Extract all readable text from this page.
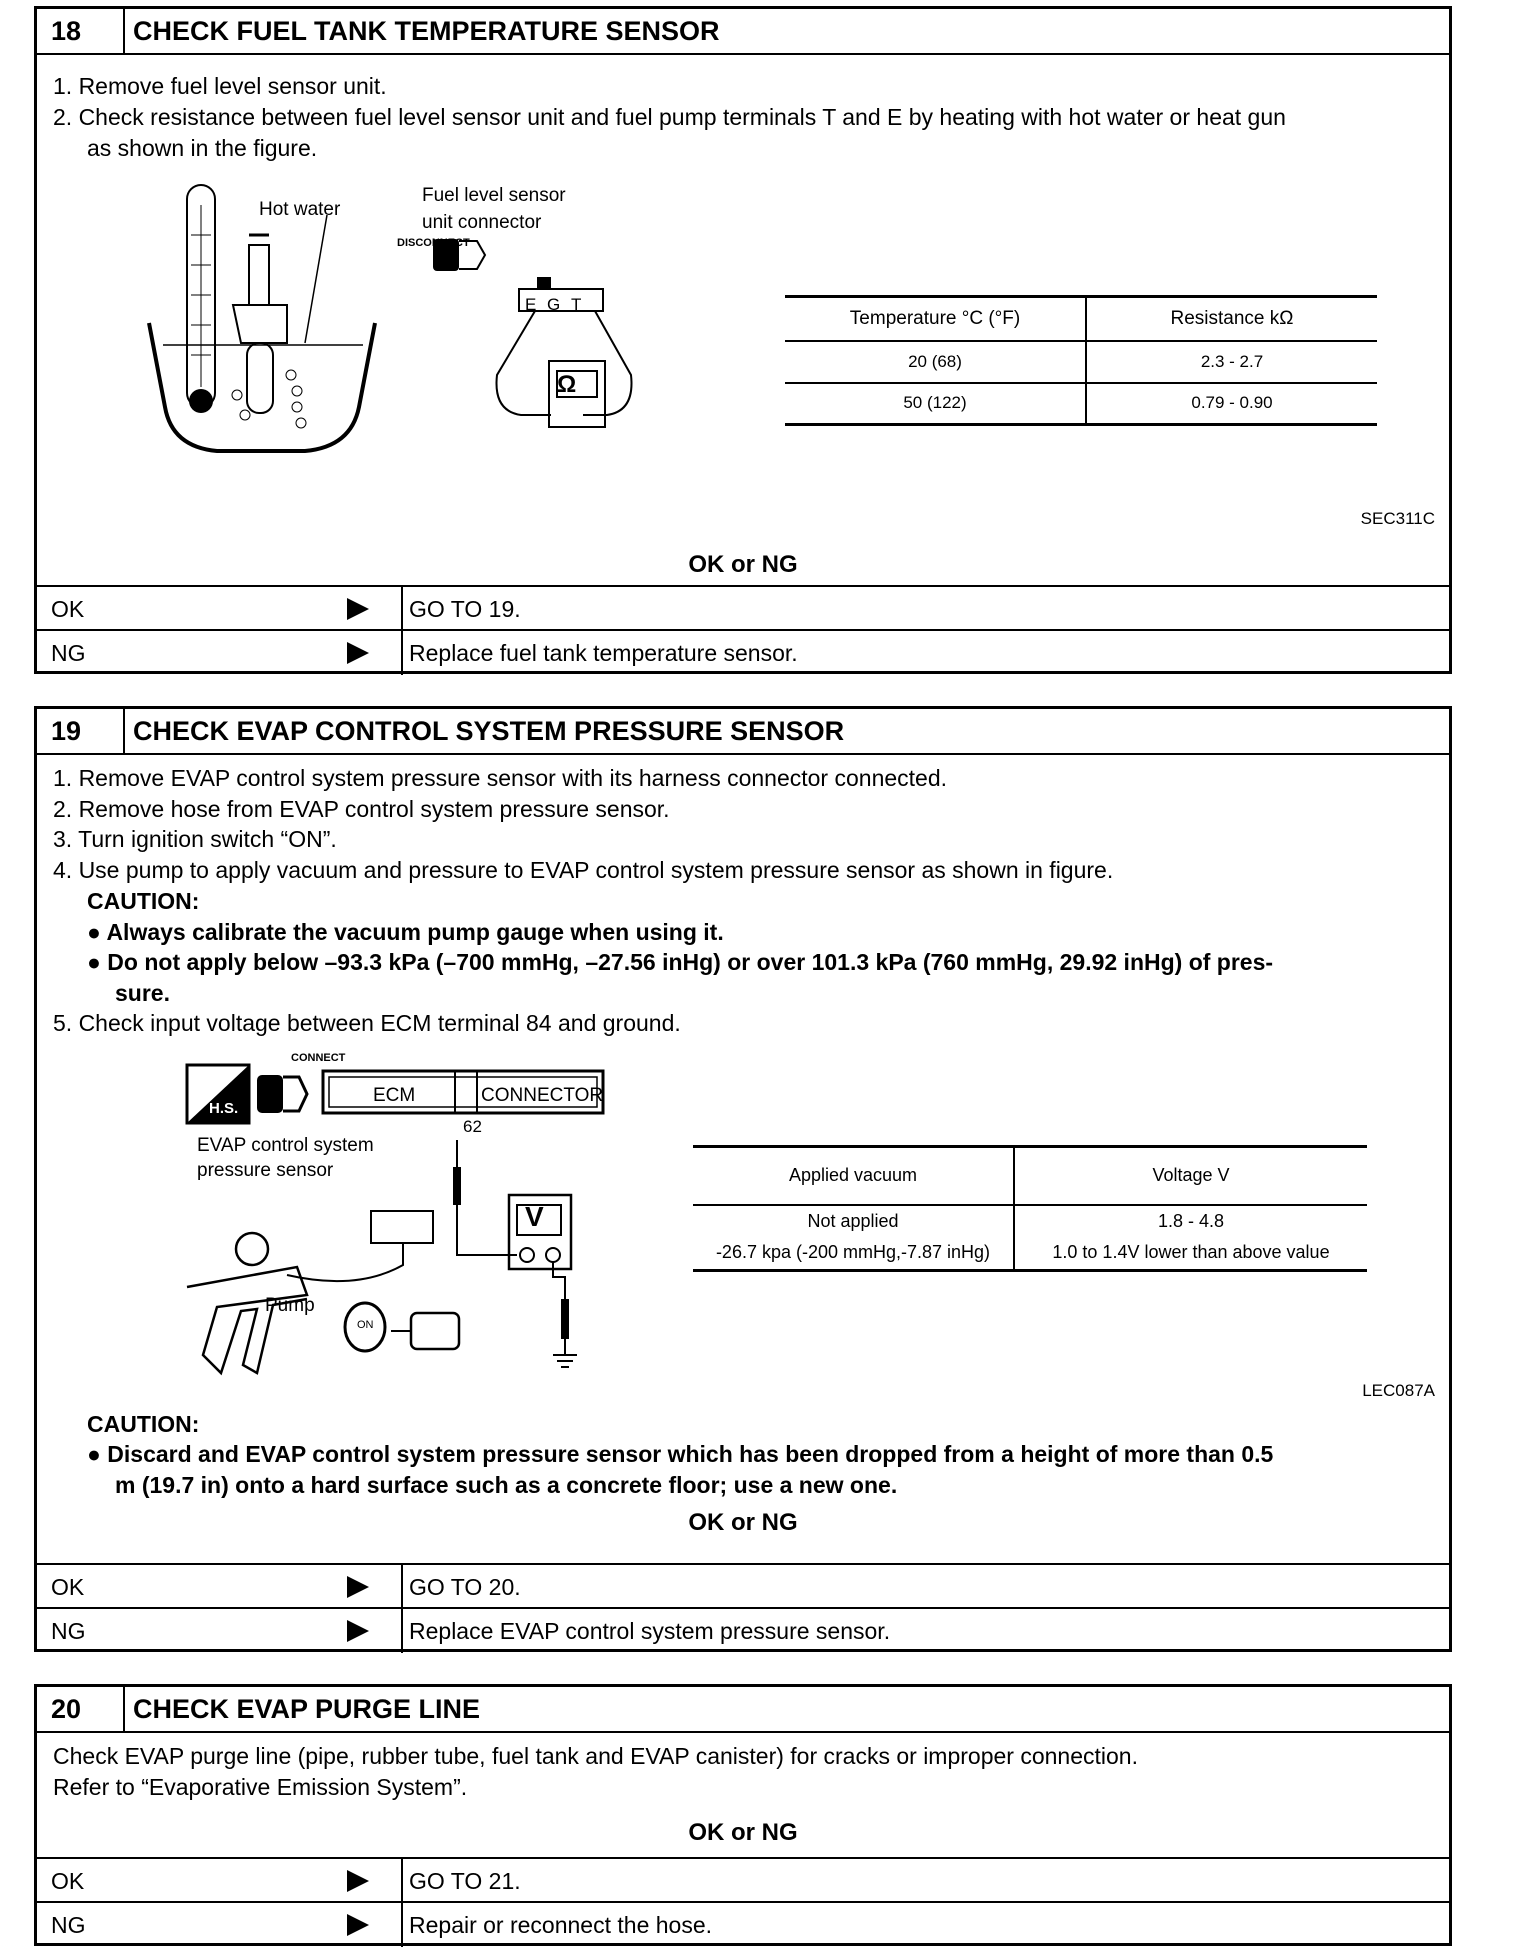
18	CHECK FUEL TANK TEMPERATURE SENSOR
1. Remove fuel level sensor unit.
2. Check resistance between fuel level sensor unit and fuel pump terminals T and E by heating with hot water or heat gun
as shown in the figure.
Hot water
Fuel level sensor
unit connector
DISCONNECT
E G T
Ω
Temperature °C (°F)	Resistance kΩ
20 (68)	2.3 - 2.7
50 (122)	0.79 - 0.90
SEC311C
OK or NG
OK	GO TO 19.
NG	Replace fuel tank temperature sensor.
19	CHECK EVAP CONTROL SYSTEM PRESSURE SENSOR
1. Remove EVAP control system pressure sensor with its harness connector connected.
2. Remove hose from EVAP control system pressure sensor.
3. Turn ignition switch “ON”.
4. Use pump to apply vacuum and pressure to EVAP control system pressure sensor as shown in figure.
CAUTION:
● Always calibrate the vacuum pump gauge when using it.
● Do not apply below –93.3 kPa (–700 mmHg, –27.56 inHg) or over 101.3 kPa (760 mmHg, 29.92 inHg) of pres-
sure.
5. Check input voltage between ECM terminal 84 and ground.
CONNECT
H.S.
ECM	CONNECTOR
62
EVAP control system
pressure sensor
Pump
ON
V
Applied vacuum	Voltage V
Not applied	1.8 - 4.8
-26.7 kpa (-200 mmHg,-7.87 inHg)	1.0 to 1.4V lower than above value
LEC087A
CAUTION:
● Discard and EVAP control system pressure sensor which has been dropped from a height of more than 0.5
m (19.7 in) onto a hard surface such as a concrete floor; use a new one.
OK or NG
OK	GO TO 20.
NG	Replace EVAP control system pressure sensor.
20	CHECK EVAP PURGE LINE
Check EVAP purge line (pipe, rubber tube, fuel tank and EVAP canister) for cracks or improper connection.
Refer to “Evaporative Emission System”.
OK or NG
OK	GO TO 21.
NG	Repair or reconnect the hose.
